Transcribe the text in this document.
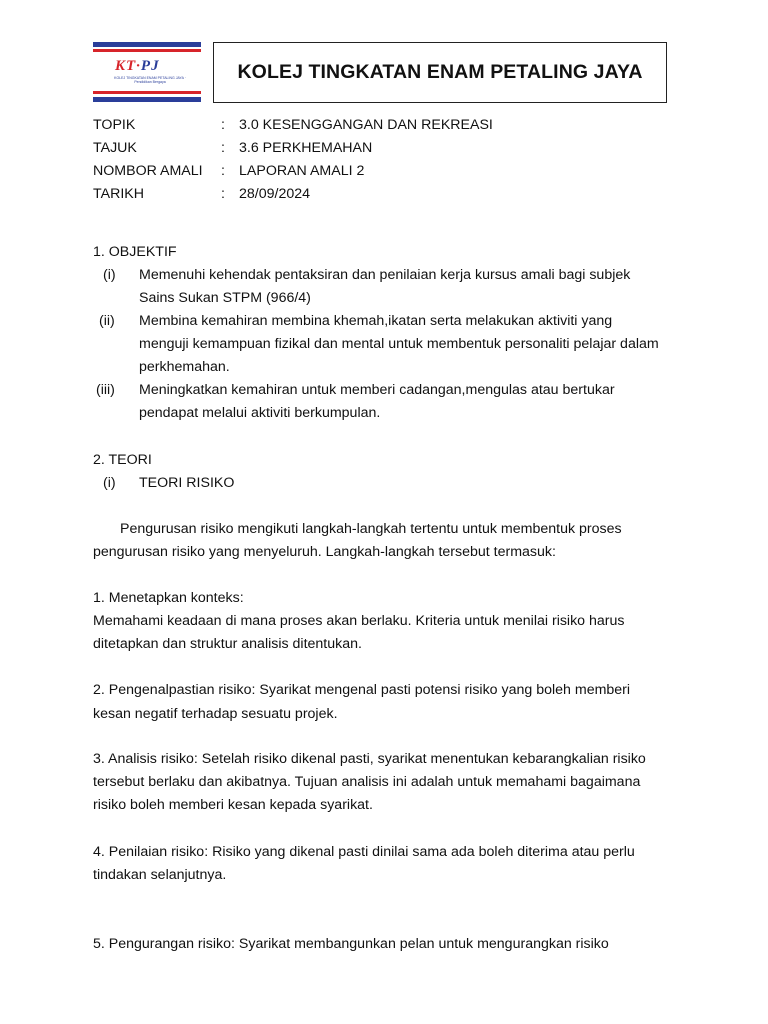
KT·PJ
KOLEJ TINGKATAN ENAM PETALING JAYA · Pendidikan Bergaya	KOLEJ TINGKATAN ENAM PETALING JAYA
TOPIK	: 3.0 KESENGGANGAN DAN REKREASI
TAJUK	: 3.6 PERKHEMAHAN
NOMBOR AMALI : LAPORAN AMALI 2
TARIKH	: 28/09/2024
1. OBJEKTIF
(i) Memenuhi kehendak pentaksiran dan penilaian kerja kursus amali bagi subjek
Sains Sukan STPM (966/4)
(ii) Membina kemahiran membina khemah,ikatan serta melakukan aktiviti yang
menguji kemampuan fizikal dan mental untuk membentuk personaliti pelajar dalam
perkhemahan.
(iii) Meningkatkan kemahiran untuk memberi cadangan,mengulas atau bertukar
pendapat melalui aktiviti berkumpulan.
2. TEORI
(i) TEORI RISIKO
Pengurusan risiko mengikuti langkah-langkah tertentu untuk membentuk proses
pengurusan risiko yang menyeluruh. Langkah-langkah tersebut termasuk:
1. Menetapkan konteks:
Memahami keadaan di mana proses akan berlaku. Kriteria untuk menilai risiko harus
ditetapkan dan struktur analisis ditentukan.
2. Pengenalpastian risiko: Syarikat mengenal pasti potensi risiko yang boleh memberi
kesan negatif terhadap sesuatu projek.
3. Analisis risiko: Setelah risiko dikenal pasti, syarikat menentukan kebarangkalian risiko
tersebut berlaku dan akibatnya. Tujuan analisis ini adalah untuk memahami bagaimana
risiko boleh memberi kesan kepada syarikat.
4. Penilaian risiko: Risiko yang dikenal pasti dinilai sama ada boleh diterima atau perlu
tindakan selanjutnya.
5. Pengurangan risiko: Syarikat membangunkan pelan untuk mengurangkan risiko
